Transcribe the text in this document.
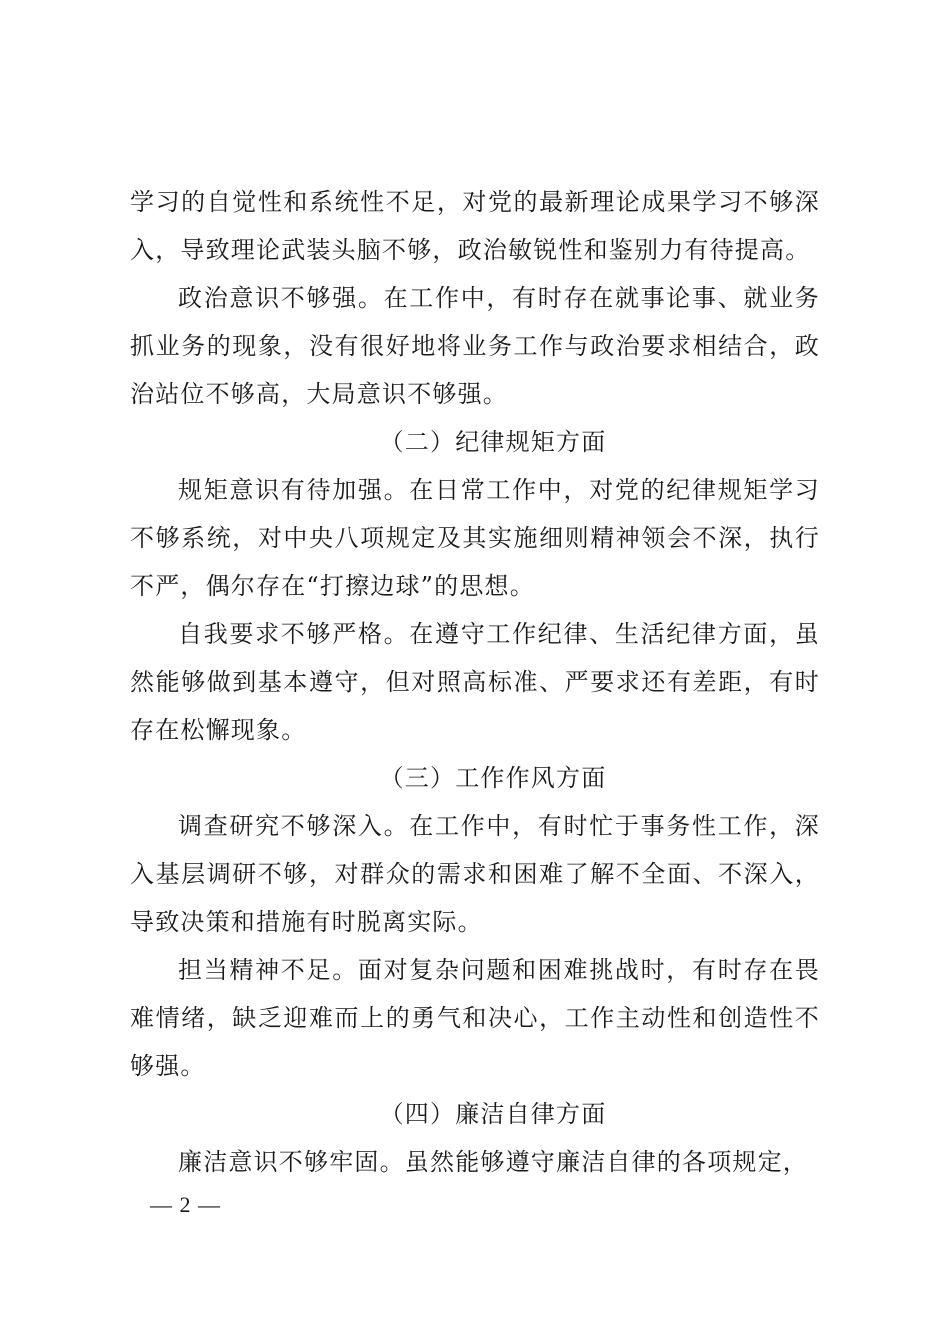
学习的自觉性和系统性不足，对党的最新理论成果学习不够深入，导致理论武装头脑不够，政治敏锐性和鉴别力有待提高。

政治意识不够强。在工作中，有时存在就事论事、就业务抓业务的现象，没有很好地将业务工作与政治要求相结合，政治站位不够高，大局意识不够强。

（二）纪律规矩方面

规矩意识有待加强。在日常工作中，对党的纪律规矩学习不够系统，对中央八项规定及其实施细则精神领会不深，执行不严，偶尔存在“打擦边球”的思想。

自我要求不够严格。在遵守工作纪律、生活纪律方面，虽然能够做到基本遵守，但对照高标准、严要求还有差距，有时存在松懈现象。

（三）工作作风方面

调查研究不够深入。在工作中，有时忙于事务性工作，深入基层调研不够，对群众的需求和困难了解不全面、不深入，导致决策和措施有时脱离实际。

担当精神不足。面对复杂问题和困难挑战时，有时存在畏难情绪，缺乏迎难而上的勇气和决心，工作主动性和创造性不够强。

（四）廉洁自律方面

廉洁意识不够牢固。虽然能够遵守廉洁自律的各项规定，

— 2 —
